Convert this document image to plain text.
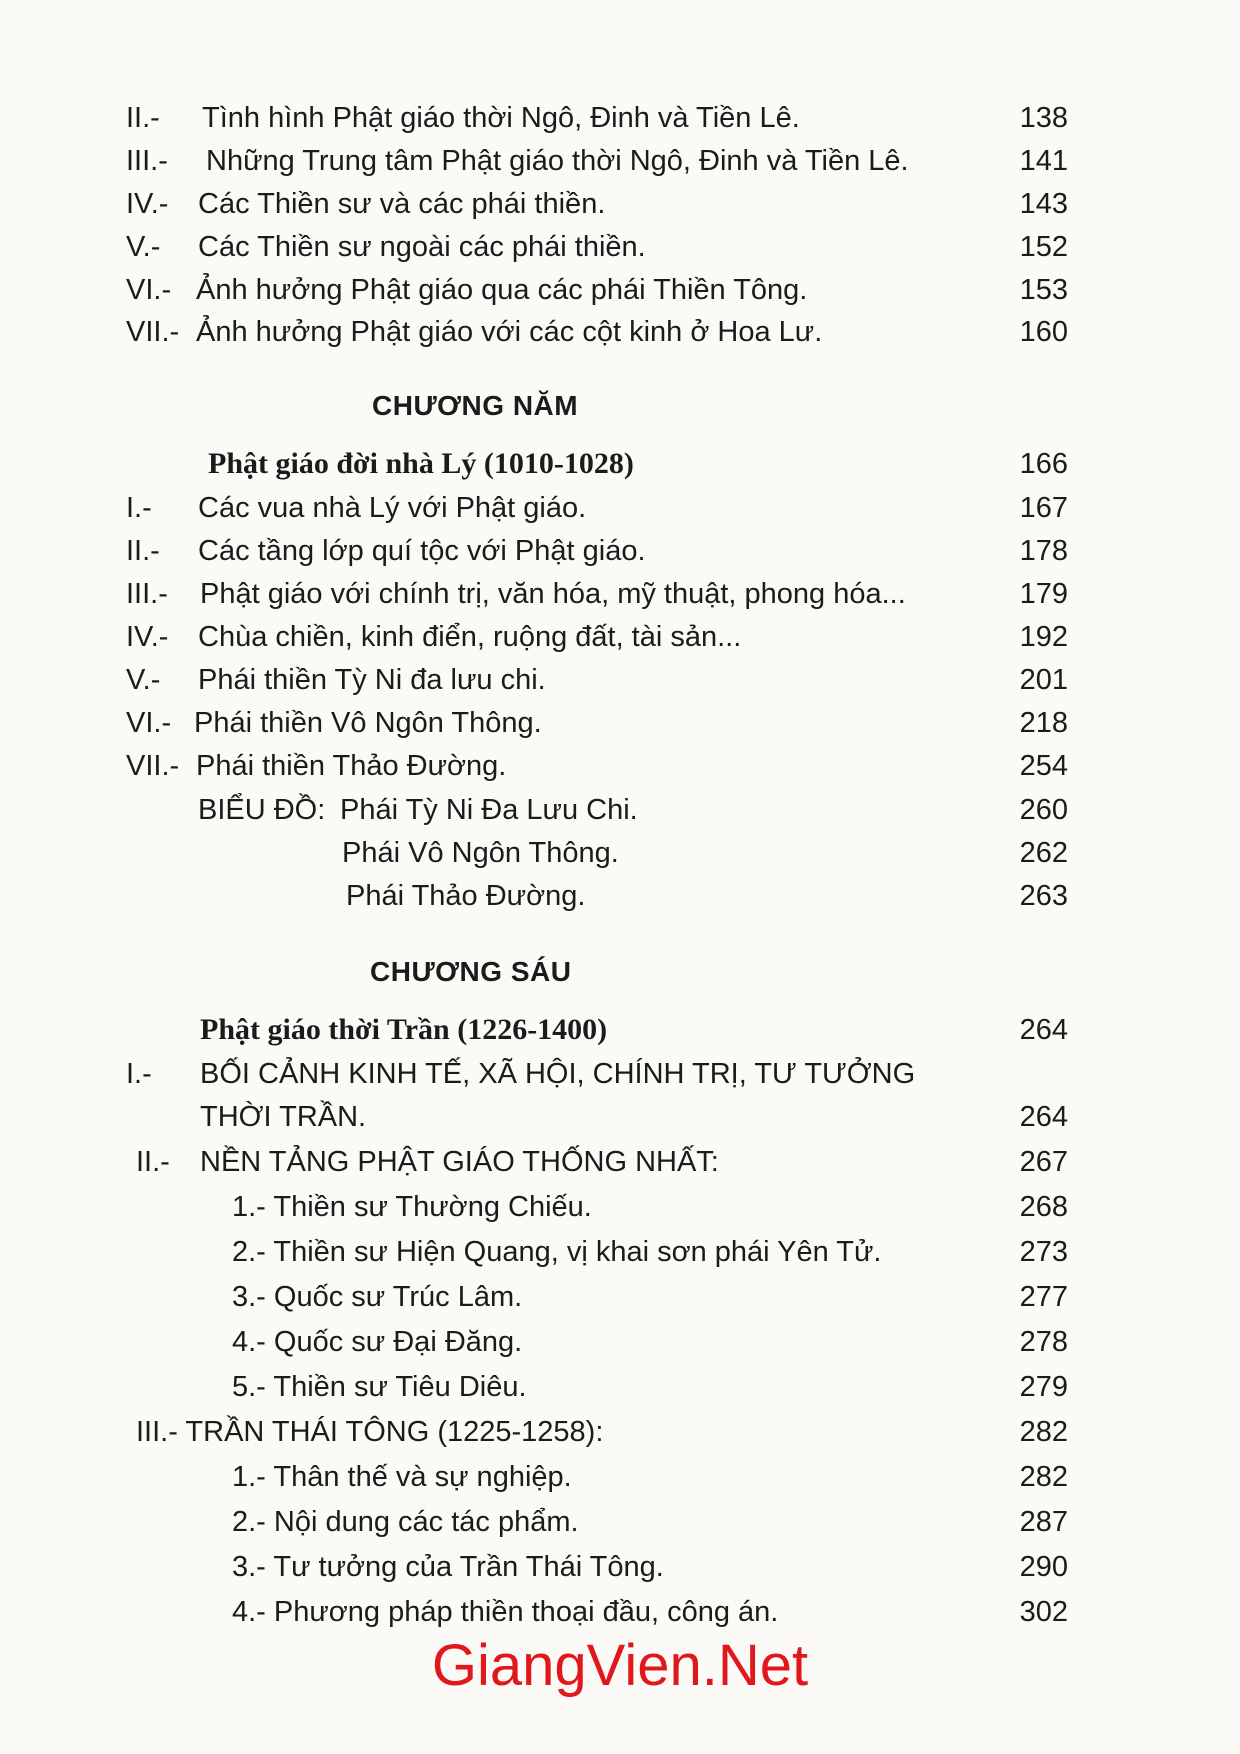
II.- Tình hình Phật giáo thời Ngô, Đinh và Tiền Lê.	138
III.- Những Trung tâm Phật giáo thời Ngô, Đinh và Tiền Lê.	141
IV.- Các Thiền sư và các phái thiền.	143
V.- Các Thiền sư ngoài các phái thiền.	152
VI.- Ảnh hưởng Phật giáo qua các phái Thiền Tông.	153
VII.- Ảnh hưởng Phật giáo với các cột kinh ở Hoa Lư.	160
CHƯƠNG NĂM
Phật giáo đời nhà Lý (1010-1028)	166
I.- Các vua nhà Lý với Phật giáo.	167
II.- Các tầng lớp quí tộc với Phật giáo.	178
III.- Phật giáo với chính trị, văn hóa, mỹ thuật, phong hóa...	179
IV.- Chùa chiền, kinh điển, ruộng đất, tài sản...	192
V.- Phái thiền Tỳ Ni đa lưu chi.	201
VI.- Phái thiền Vô Ngôn Thông.	218
VII.- Phái thiền Thảo Đường.	254
BIỂU ĐỒ: Phái Tỳ Ni Đa Lưu Chi.	260
Phái Vô Ngôn Thông.	262
Phái Thảo Đường.	263
CHƯƠNG SÁU
Phật giáo thời Trần (1226-1400)	264
I.- BỐI CẢNH KINH TẾ, XÃ HỘI, CHÍNH TRỊ, TƯ TƯỞNG
THỜI TRẦN.	264
II.- NỀN TẢNG PHẬT GIÁO THỐNG NHẤT:	267
1.- Thiền sư Thường Chiếu.	268
2.- Thiền sư Hiện Quang, vị khai sơn phái Yên Tử.	273
3.- Quốc sư Trúc Lâm.	277
4.- Quốc sư Đại Đăng.	278
5.- Thiền sư Tiêu Diêu.	279
III.- TRẦN THÁI TÔNG (1225-1258):	282
1.- Thân thế và sự nghiệp.	282
2.- Nội dung các tác phẩm.	287
3.- Tư tưởng của Trần Thái Tông.	290
4.- Phương pháp thiền thoại đầu, công án.	302
GiangVien.Net
